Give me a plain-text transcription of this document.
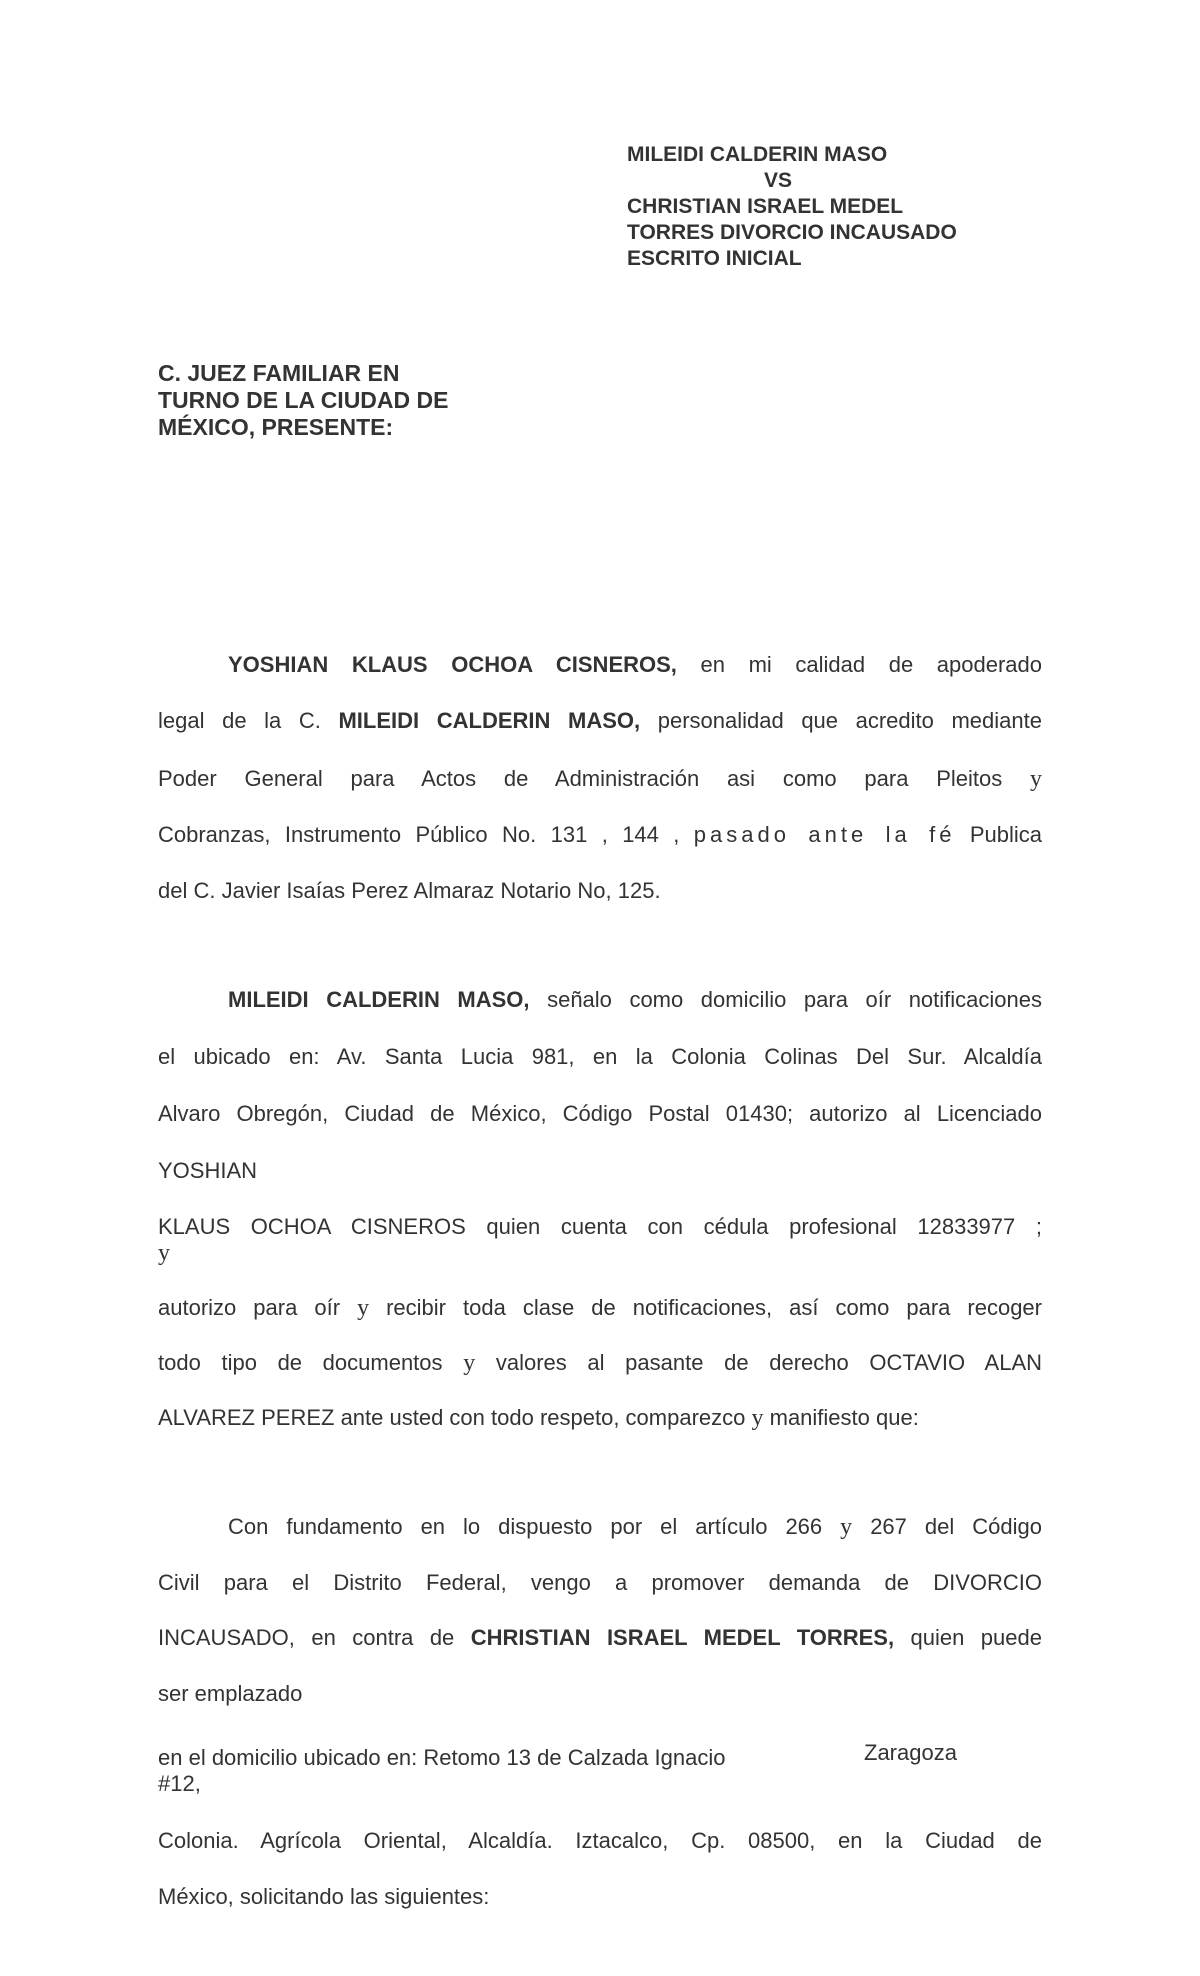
MILEIDI CALDERIN MASO
VS
CHRISTIAN ISRAEL MEDEL
TORRES DIVORCIO INCAUSADO
ESCRITO INICIAL
C. JUEZ FAMILIAR EN
TURNO DE LA CIUDAD DE
MÉXICO, PRESENTE:
YOSHIAN KLAUS OCHOA CISNEROS, en mi calidad de apoderado
legal de la C. MILEIDI CALDERIN MASO, personalidad que acredito mediante
Poder General para Actos de Administración asi como para Pleitos y
Cobranzas, Instrumento Público No. 131 , 144 , pasado ante la fé Publica
del C. Javier Isaías Perez Almaraz Notario No, 125.
MILEIDI CALDERIN MASO, señalo como domicilio para oír notificaciones
el ubicado en: Av. Santa Lucia 981, en la Colonia Colinas Del Sur. Alcaldía
Alvaro Obregón, Ciudad de México, Código Postal 01430; autorizo al Licenciado
YOSHIAN
KLAUS OCHOA CISNEROS quien cuenta con cédula profesional 12833977 ;
y
autorizo para oír y recibir toda clase de notificaciones, así como para recoger
todo tipo de documentos y valores al pasante de derecho OCTAVIO ALAN
ALVAREZ PEREZ ante usted con todo respeto, comparezco y manifiesto que:
Con fundamento en lo dispuesto por el artículo 266 y 267 del Código
Civil para el Distrito Federal, vengo a promover demanda de DIVORCIO
INCAUSADO, en contra de CHRISTIAN ISRAEL MEDEL TORRES, quien puede
ser emplazado
en el domicilio ubicado en: Retomo 13 de Calzada Ignacio	Zaragoza
#12,
Colonia. Agrícola Oriental, Alcaldía. Iztacalco, Cp. 08500, en la Ciudad de
México, solicitando las siguientes:
